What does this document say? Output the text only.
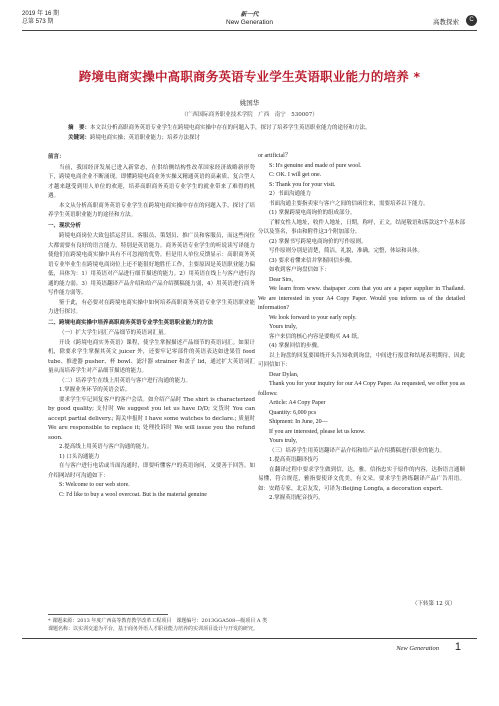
2019 年 16 期
总第 573 期
新一代
New Generation	高教探索	C
跨境电商实操中高职商务英语专业学生英语职业能力的培养 *
姚国华
（广西国际商务职业技术学院　广西　南宁　530007）
摘　要：本文以分析高职商务英语专业学生在跨境电商实操中存在的问题入手，探讨了培养学生英语职业能力的途径和方法。
关键词：跨境电商实操；英语职业能力；培养方法探讨

前言：

当前，我国经济发展已进入新常态，在供给侧结构性改革国家经济战略新形势下，跨境电商企业不断涌现，即懂跨境电商业务实操又精通英语的高素质、复合型人才越来越受到用人单位的欢迎，培养高职商务英语专业学生的就业带来了难得的机遇。

本文从分析高职商务英语专业学生在跨境电商实操中存在的问题入手，探讨了培养学生英语职业能力的途径和方法。

一、现状分析

跨境电商岗位大致包括运营员、客服员、策划员、推广员和客服员，而这些岗位大都需要有良好的语言能力，特别是英语能力。商务英语专业学生的听说读写译能力使他们在跨境电商实操中具有不可忽视的优势。但是用人单位反馈显示：高职商务英语专业毕业生在跨境电商岗位上还不能很好地胜任工作，主要原因是英语职业能力偏低，具体为：1）用英语对产品进行细节描述的能力。2）用英语在线上与客户进行沟通的能力弱。3）用英语翻译产品介绍和给产品介绍撰稿能力弱，4）用英语进行商务写作能力弱等。

鉴于此，有必要对在跨境电商实操中如何培养高职商务英语专业学生英语职业能力进行探讨。

二、跨境电商实操中培养高职商务英语专业学生英语职业能力的方法

（一）扩大学生词汇产品细节的英语词汇量。

开设《跨境电商实务英语》课程，使学生掌握描述产品细节的英语词汇。如果计机，除要求学生掌握其英文 juicer 外，还要牢记零部件的英语表达如进果管 feed tube、推进器 pusher、杯 bowl、滤汁器 strainer 和盖子 lid，通过扩大英语词汇量从而培养学生对产品细节描述的能力。

（二）培养学生在线上用英语与客户进行沟通的能力。

1.掌握业务环节的英语会话。

要求学生牢记回复客户的客户会话。如介绍产品时 The shirt is characterized by good quality; 支付时 We suggest you let us have D/D; 交货时 You can accept partial delivery.; 海关申报时 I have some watches to declare.; 质量时 We are responsible to replace it; 处理投诉时 We will issue you the refund soon.

2.提高线上用英语与客户沟通的能力。

1) 口头沟通能力

在与客户进行电话或当面沟通时，即要听懂客户的英语询问，又要善于回答。如介绍网站时可沟通如下：

S: Welcome to our web store.

C: I'd like to buy a wool overcoat. But is the material genuine

or artificial？

S: It's genuine and made of pure wool.

C: OK. I will get one.

S: Thank you for your visit.

2）书面沟通能力

书面沟通主要指卖家与客户之间的信函往来，需要培养以下能力。

(1) 掌握跨境电商询价的组成部分。

了解女性人地址，收件人地址，日期，称呼，正文，结尾敬语和落款这7个基本部分以及签名，事由和附件这3个附加部分。

(2) 掌握书写跨境电商询价的写作原则。

写作原则分别是清楚，简洁，礼貌，准确，完整，体谅和具体。

(3) 要求看懂来信并掌握回信步骤。

如收到客户询盘信如下：

Dear Sirs,

We learn from www. thaipaper .com that you are a paper supplier in Thailand. We are interested in your A4 Copy Paper. Would you inform us of the detailed information?

We look forward to your early reply.

Yours truly,

客户来信的核心内容是要购买 A4 纸。

(4) 掌握回信的步骤。

以上询盘的回复要围绕开头告知收到询盘，中间进行报盘和结尾表明期待，因此可回信如下：

Dear Dylan,

Thank you for your inquiry for our A4 Copy Paper. As requested, we offer you as follows:

Article: A4 Copy Paper

Quantity: 6,000 pcs

Shipment: In June, 20—

If you are interested, please let us know.

Yours truly,

（三）培养学生用英语翻译产品介绍和给产品介绍撰稿进行职业的能力。

1.提高英语翻译技巧

在翻译过程中要求学生做到信，达，雅。信指忠实于原作的内容，达指语言通顺易懂，符合规范，雅指要使译文优美，有文采。要求学生熟练翻译产品广告用语。如：安踏专家，北京友发，可译为:Beijing Longfa, a decoration expert.

2.掌握英语配音技巧。

（下转第 12 页）
* 课题来源：2013 年度广西高等教育教学改革工程项目　课题编号：2013GGA508—级项目 A 类
课题名称：以实训交道为平台，基于商务外语人才职业能力培养的实训项目设计与开发的研究。
New Generation 1
